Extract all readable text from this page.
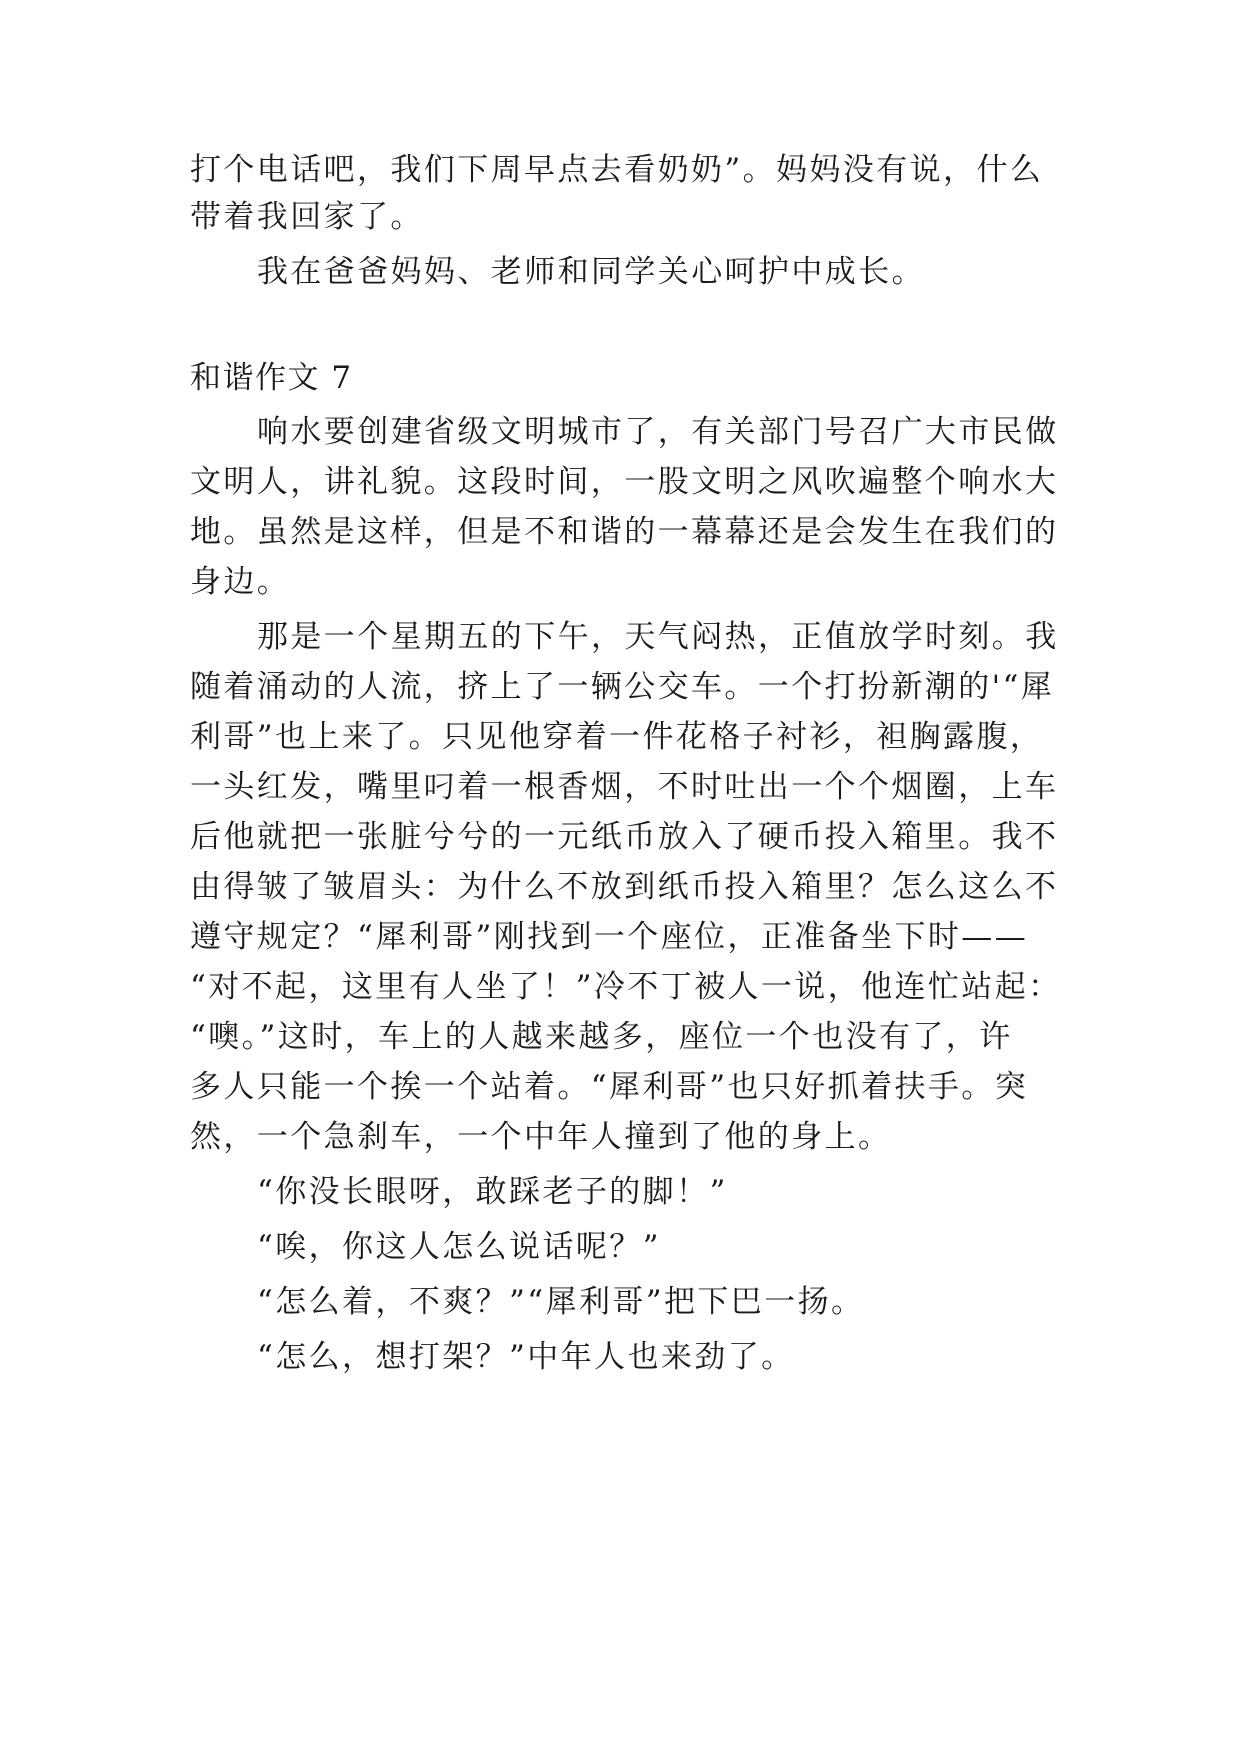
打个电话吧，我们下周早点去看奶奶”。妈妈没有说，什么
带着我回家了。
我在爸爸妈妈、老师和同学关心呵护中成长。
和谐作文 7
响水要创建省级文明城市了，有关部门号召广大市民做
文明人，讲礼貌。这段时间，一股文明之风吹遍整个响水大
地。虽然是这样，但是不和谐的一幕幕还是会发生在我们的
身边。
那是一个星期五的下午，天气闷热，正值放学时刻。我
随着涌动的人流，挤上了一辆公交车。一个打扮新潮的'“犀
利哥”也上来了。只见他穿着一件花格子衬衫，袒胸露腹，
一头红发，嘴里叼着一根香烟，不时吐出一个个烟圈，上车
后他就把一张脏兮兮的一元纸币放入了硬币投入箱里。我不
由得皱了皱眉头：为什么不放到纸币投入箱里？怎么这么不
遵守规定？“犀利哥”刚找到一个座位，正准备坐下时——
“对不起，这里有人坐了！”冷不丁被人一说，他连忙站起：
“噢。”这时，车上的人越来越多，座位一个也没有了，许
多人只能一个挨一个站着。“犀利哥”也只好抓着扶手。突
然，一个急刹车，一个中年人撞到了他的身上。
“你没长眼呀，敢踩老子的脚！”
“唉，你这人怎么说话呢？”
“怎么着，不爽？”“犀利哥”把下巴一扬。
“怎么，想打架？”中年人也来劲了。
